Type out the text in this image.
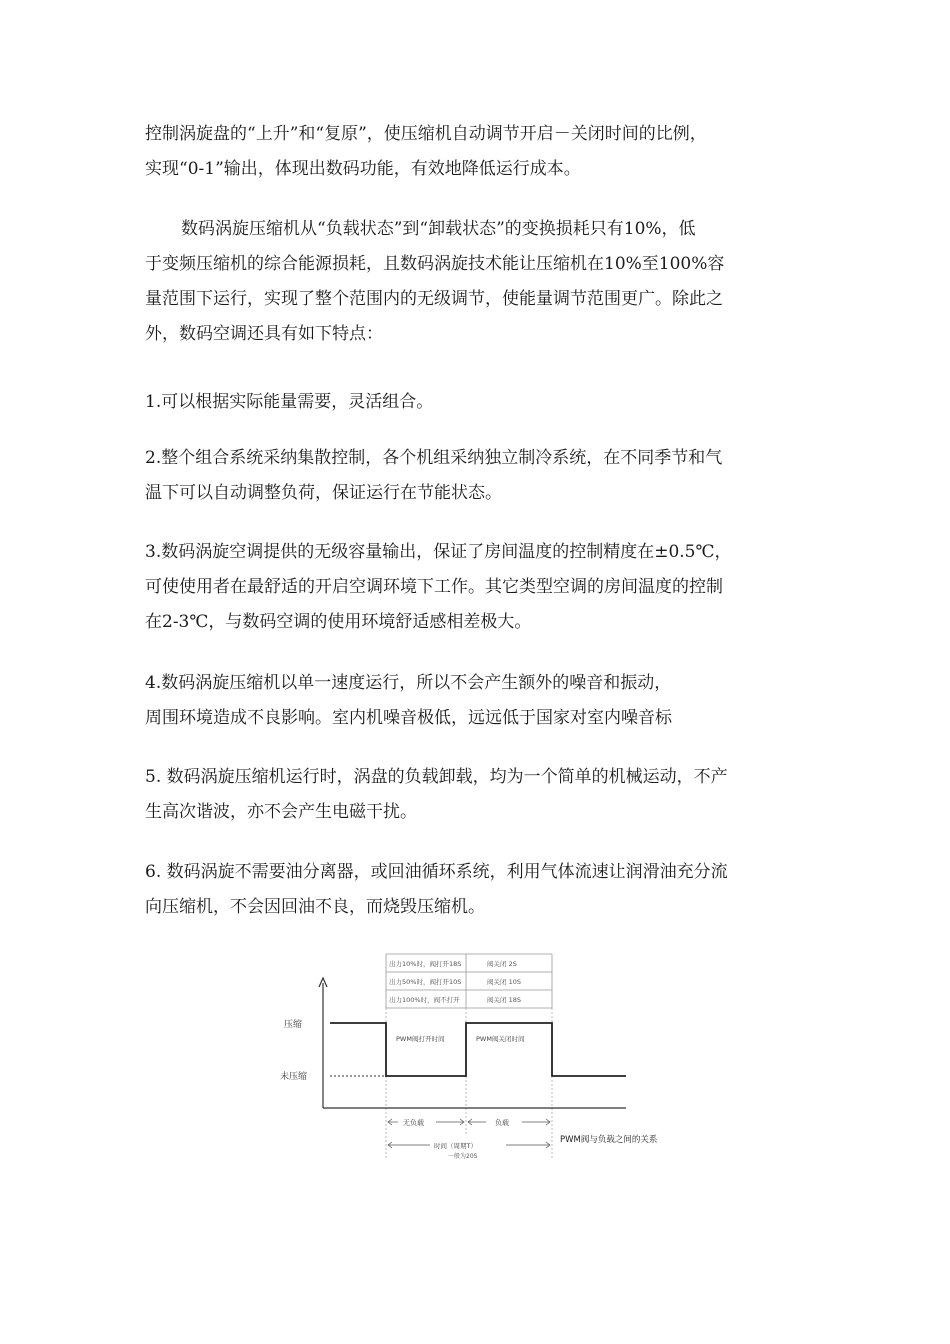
控制涡旋盘的“上升”和“复原”，使压缩机自动调节开启－关闭时间的比例，
实现“0-1”输出，体现出数码功能，有效地降低运行成本。

数码涡旋压缩机从“负载状态”到“卸载状态”的变换损耗只有10%，低
于变频压缩机的综合能源损耗，且数码涡旋技术能让压缩机在10%至100%容
量范围下运行，实现了整个范围内的无级调节，使能量调节范围更广。除此之
外，数码空调还具有如下特点：

1.可以根据实际能量需要，灵活组合。

2.整个组合系统采纳集散控制，各个机组采纳独立制冷系统，在不同季节和气
温下可以自动调整负荷，保证运行在节能状态。

3.数码涡旋空调提供的无级容量输出，保证了房间温度的控制精度在±0.5℃，
可使使用者在最舒适的开启空调环境下工作。其它类型空调的房间温度的控制
在2-3℃，与数码空调的使用环境舒适感相差极大。

4.数码涡旋压缩机以单一速度运行，所以不会产生额外的噪音和振动，
周围环境造成不良影响。室内机噪音极低，远远低于国家对室内噪音标

5. 数码涡旋压缩机运行时，涡盘的负载卸载，均为一个简单的机械运动，不产
生高次谐波，亦不会产生电磁干扰。

6. 数码涡旋不需要油分离器，或回油循环系统，利用气体流速让润滑油充分流
向压缩机，不会因回油不良，而烧毁压缩机。

出力10%时，阀打开18S	阀关闭 2S
出力50%时，阀打开10S	阀关闭 10S
出力100%时，阀不打开	阀关闭 18S
压缩
未压缩
PWM阀打开时间	PWM阀关闭时间
无负载	负载
时间（周期T）
一般为20S
PWM阀与负载之间的关系
